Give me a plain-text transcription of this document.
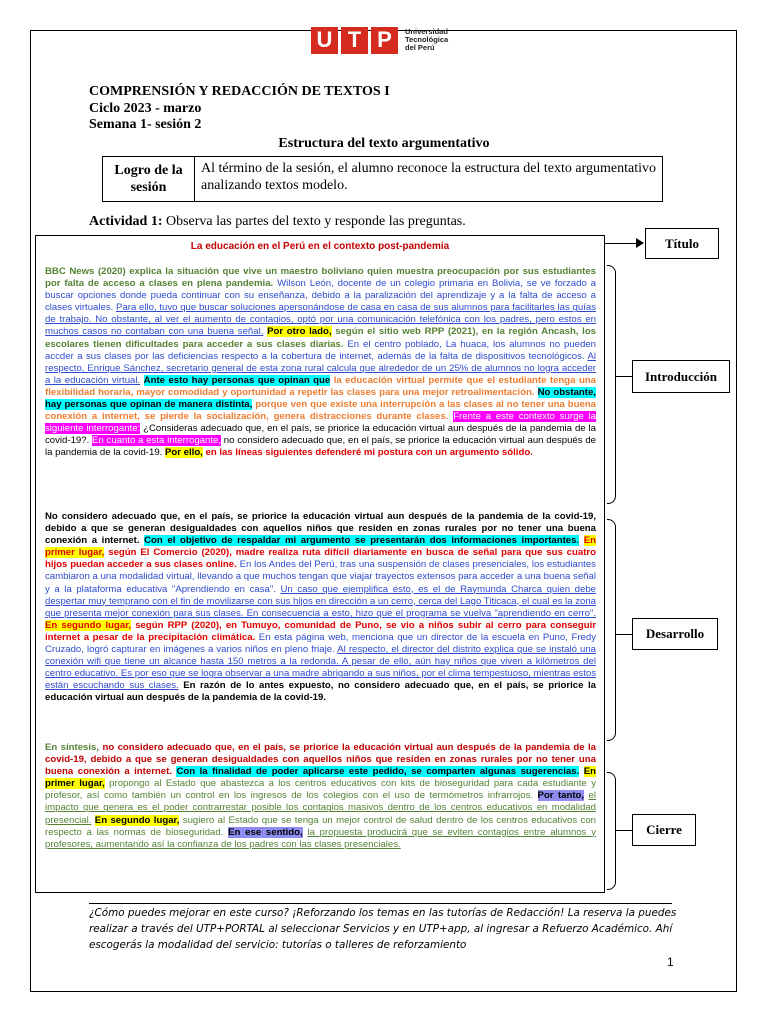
U T P	Universidad
Tecnológica
del Perú
COMPRENSIÓN Y REDACCIÓN DE TEXTOS I
Ciclo 2023 - marzo
Semana 1- sesión 2
Estructura del texto argumentativo
Logro de la sesión
Al término de la sesión, el alumno reconoce la estructura del texto argumentativo analizando textos modelo.
Actividad 1: Observa las partes del texto y responde las preguntas.
La educación en el Perú en el contexto post-pandemia
BBC News (2020) explica la situación que vive un maestro boliviano quien muestra preocupación por sus estudiantes por falta de acceso a clases en plena pandemia. Wilson León, docente de un colegio primaria en Bolivia, se ve forzado a buscar opciones donde pueda continuar con su enseñanza, debido a la paralización del aprendizaje y a la falta de acceso a clases virtuales. Para ello, tuvo que buscar soluciones apersonándose de casa en casa de sus alumnos para facilitarles las guías de trabajo. No obstante, al ver el aumento de contagios, optó por una comunicación telefónica con los padres, pero estos en muchos casos no contaban con una buena señal. Por otro lado, según el sitio web RPP (2021), en la región Ancash, los escolares tienen dificultades para acceder a sus clases diarias. En el centro poblado, La huaca, los alumnos no pueden accder a sus clases por las deficiencias respecto a la cobertura de internet, además de la falta de dispositivos tecnológicos. Al respecto, Enrique Sánchez, secretario general de esta zona rural calcula que alrededor de un 25% de alumnos no logra acceder a la educación virtual. Ante esto hay personas que opinan que la educación virtual permite que el estudiante tenga una flexibilidad horaria, mayor comodidad y oportunidad a repetir las clases para una mejor retroalimentación. No obstante, hay personas que opinan de manera distinta, porque ven que existe una interrupción a las clases al no tener una buena conexión a internet, se pierde la socialización, genera distracciones durante clases. Frente a este contexto surge la siguiente interrogante: ¿Consideras adecuado que, en el país, se priorice la educación virtual aun después de la pandemia de la covid-19?. En cuanto a esta interrogante, no considero adecuado que, en el país, se priorice la educación virtual aun después de la pandemia de la covid-19. Por ello, en las líneas siguientes defenderé mi postura con un argumento sólido.
No considero adecuado que, en el país, se priorice la educación virtual aun después de la pandemia de la covid-19, debido a que se generan desigualdades con aquellos niños que residen en zonas rurales por no tener una buena conexión a internet. Con el objetivo de respaldar mi argumento se presentarán dos informaciones importantes. En primer lugar, según El Comercio (2020), madre realiza ruta difícil diariamente en busca de señal para que sus cuatro hijos puedan acceder a sus clases online. En los Andes del Perú, tras una suspensión de clases presenciales, los estudiantes cambiaron a una modalidad virtual, llevando a que muchos tengan que viajar trayectos extensos para acceder a una buena señal y a la plataforma educativa "Aprendiendo en casa". Un caso que ejemplifica esto, es el de Raymunda Charca quien debe despertar muy temprano con el fin de movilizarse con sus hijos en dirección a un cerro, cerca del Lago Titicaca, el cual es la zona que presenta mejor conexión para sus clases. En consecuencia a esto, hizo que el programa se vuelva "aprendiendo en cerro". En segundo lugar, según RPP (2020), en Tumuyo, comunidad de Puno, se vio a niños subir al cerro para conseguir internet a pesar de la precipitación climática. En esta página web, menciona que un director de la escuela en Puno, Fredy Cruzado, logró capturar en imágenes a varios niños en pleno friaje. Al respecto, el director del distrito explica que se instaló una conexión wifi que tiene un alcance hasta 150 metros a la redonda. A pesar de ello, aún hay niños que viven a kilómetros del centro educativo. Es por eso que se logra observar a una madre abrigando a sus niños, por el clima tempestuoso, mientras estos están escuchando sus clases. En razón de lo antes expuesto, no considero adecuado que, en el país, se priorice la educación virtual aun después de la pandemia de la covid-19.
En síntesis, no considero adecuado que, en el país, se priorice la educación virtual aun después de la pandemia de la covid-19, debido a que se generan desigualdades con aquellos niños que residen en zonas rurales por no tener una buena conexión a internet. Con la finalidad de poder aplicarse este pedido, se comparten algunas sugerencias. En primer lugar, propongo al Estado que abastezca a los centros educativos con kits de bioseguridad para cada estudiante y profesor, así como también un control en los ingresos de los colegios con el uso de termómetros infrarrojos. Por tanto, el impacto que genera es el poder contrarrestar posible los contagios masivos dentro de los centros educativos en modalidad presencial. En segundo lugar, sugiero al Estado que se tenga un mejor control de salud dentro de los centros educativos con respecto a las normas de bioseguridad. En ese sentido, la propuesta producirá que se eviten contagios entre alumnos y profesores, aumentando así la confianza de los padres con las clases presenciales.
Título
Introducción
Desarrollo
Cierre
¿Cómo puedes mejorar en este curso? ¡Reforzando los temas en las tutorías de Redacción! La reserva la puedes realizar a través del UTP+PORTAL al seleccionar Servicios y en UTP+app, al ingresar a Refuerzo Académico. Ahí escogerás la modalidad del servicio: tutorías o talleres de reforzamiento
1
